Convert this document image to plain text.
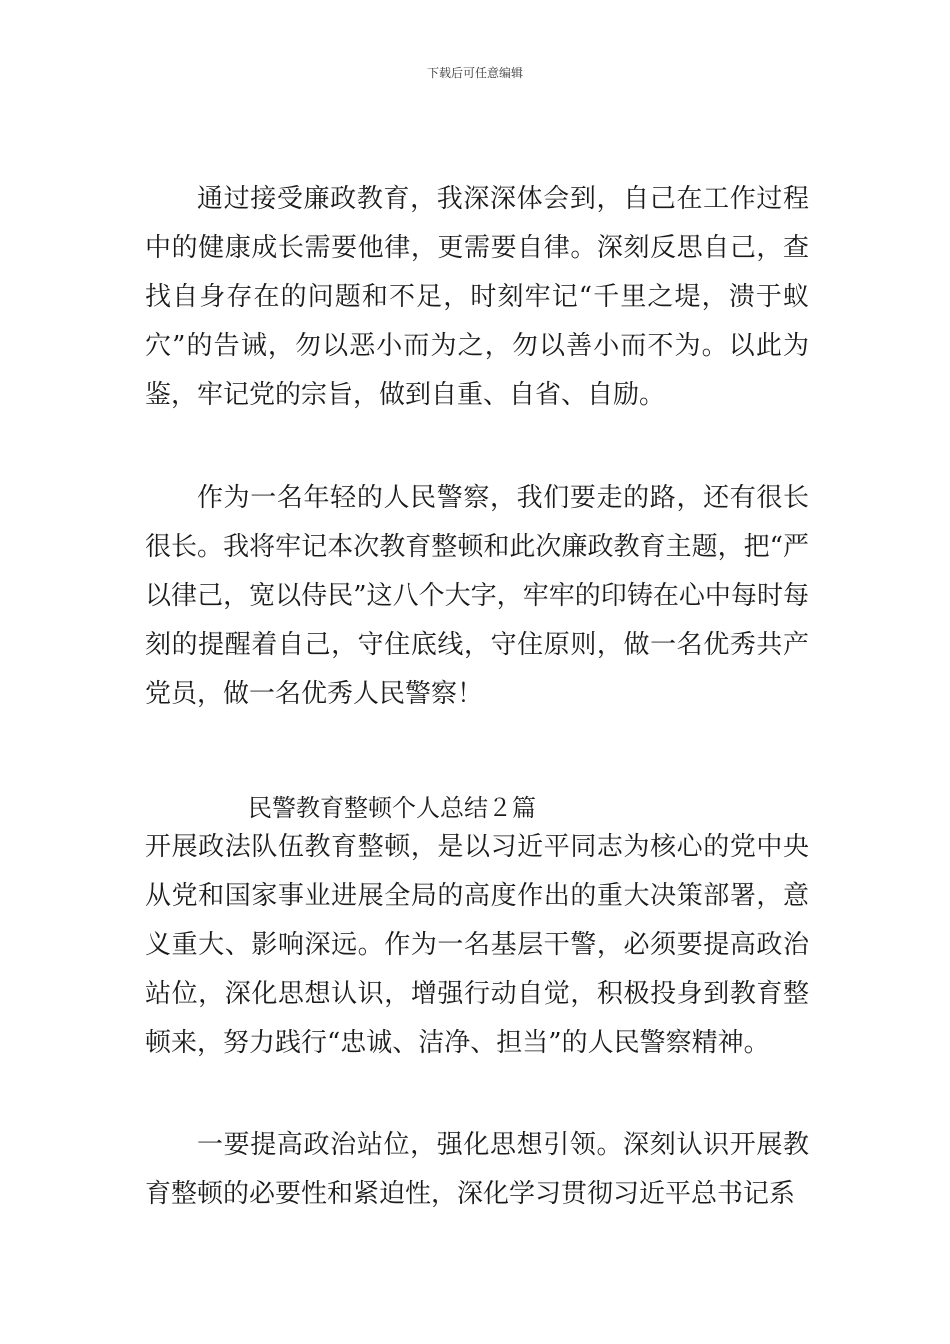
下载后可任意编辑

通过接受廉政教育，我深深体会到，自己在工作过程中的健康成长需要他律，更需要自律。深刻反思自己，查找自身存在的问题和不足，时刻牢记“千里之堤，溃于蚁穴”的告诫，勿以恶小而为之，勿以善小而不为。以此为鉴，牢记党的宗旨，做到自重、自省、自励。

作为一名年轻的人民警察，我们要走的路，还有很长很长。我将牢记本次教育整顿和此次廉政教育主题，把“严以律己，宽以侍民”这八个大字，牢牢的印铸在心中每时每刻的提醒着自己，守住底线，守住原则，做一名优秀共产党员，做一名优秀人民警察！

民警教育整顿个人总结２篇

开展政法队伍教育整顿，是以习近平同志为核心的党中央从党和国家事业进展全局的高度作出的重大决策部署，意义重大、影响深远。作为一名基层干警，必须要提高政治站位，深化思想认识，增强行动自觉，积极投身到教育整顿来，努力践行“忠诚、洁净、担当”的人民警察精神。

一要提高政治站位，强化思想引领。深刻认识开展教育整顿的必要性和紧迫性，深化学习贯彻习近平总书记系
